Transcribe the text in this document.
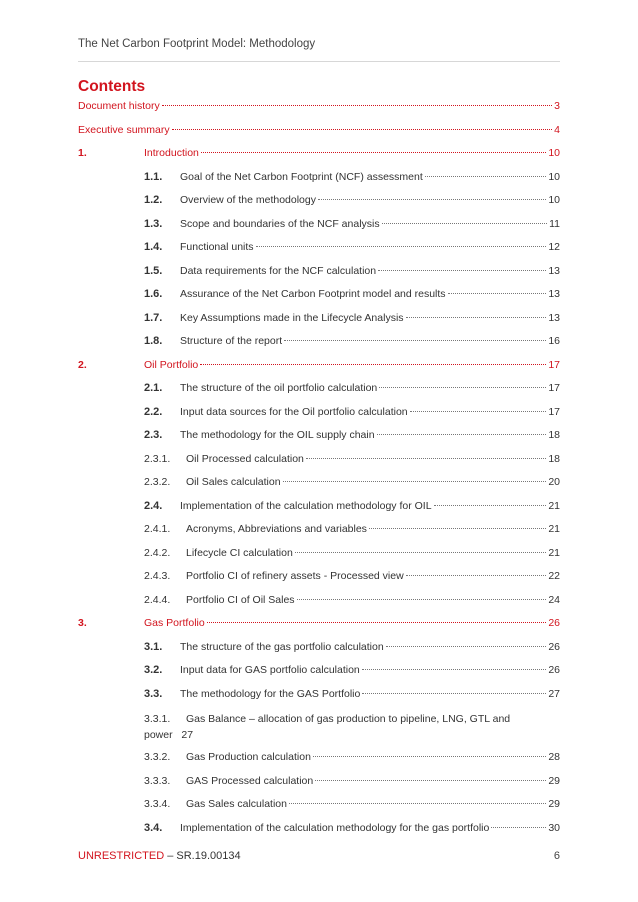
The Net Carbon Footprint Model: Methodology
Contents
Document history	3
Executive summary	4
1.	Introduction	10
1.1.	Goal of the Net Carbon Footprint (NCF) assessment	10
1.2.	Overview of the methodology	10
1.3.	Scope and boundaries of the NCF analysis	11
1.4.	Functional units	12
1.5.	Data requirements for the NCF calculation	13
1.6.	Assurance of the Net Carbon Footprint model and results	13
1.7.	Key Assumptions made in the Lifecycle Analysis	13
1.8.	Structure of the report	16
2.	Oil Portfolio	17
2.1.	The structure of the oil portfolio calculation	17
2.2.	Input data sources for the Oil portfolio calculation	17
2.3.	The methodology for the OIL supply chain	18
2.3.1.	Oil Processed calculation	18
2.3.2.	Oil Sales calculation	20
2.4.	Implementation of the calculation methodology for OIL	21
2.4.1.	Acronyms, Abbreviations and variables	21
2.4.2.	Lifecycle CI calculation	21
2.4.3.	Portfolio CI of refinery assets - Processed view	22
2.4.4.	Portfolio CI of Oil Sales	24
3.	Gas Portfolio	26
3.1.	The structure of the gas portfolio calculation	26
3.2.	Input data for GAS portfolio calculation	26
3.3.	The methodology for the GAS Portfolio	27
3.3.1. Gas Balance – allocation of gas production to pipeline, LNG, GTL and
power 27
3.3.2.	Gas Production calculation	28
3.3.3.	GAS Processed calculation	29
3.3.4.	Gas Sales calculation	29
3.4.	Implementation of the calculation methodology for the gas portfolio	30
UNRESTRICTED – SR.19.00134	6
